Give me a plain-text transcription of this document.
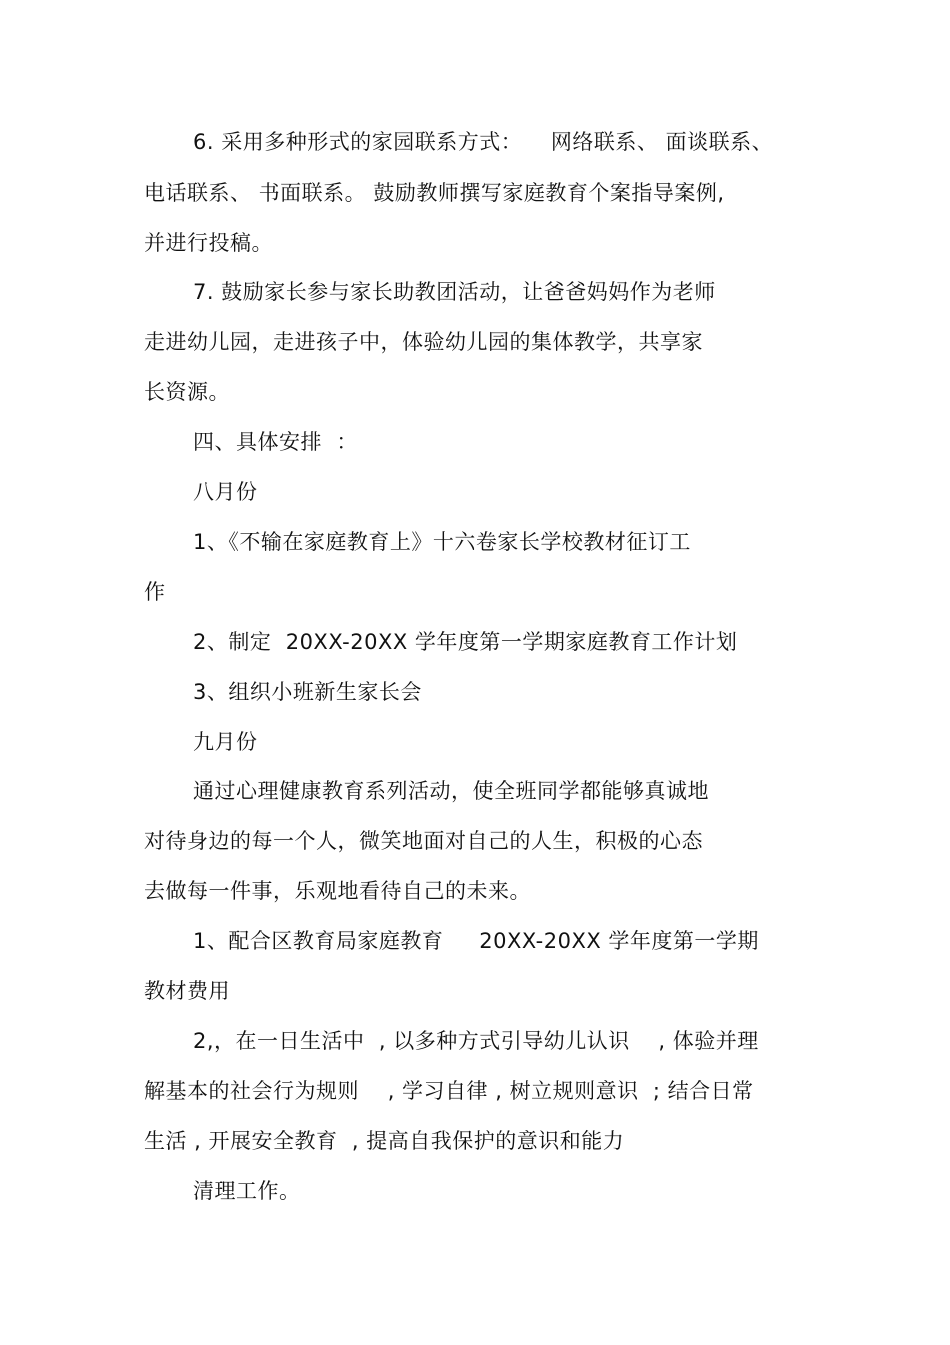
6. 采用多种形式的家园联系方式：    网络联系、 面谈联系、
电话联系、 书面联系。 鼓励教师撰写家庭教育个案指导案例,
并进行投稿。
7. 鼓励家长参与家长助教团活动，让爸爸妈妈作为老师
走进幼儿园，走进孩子中，体验幼儿园的集体教学，共享家
长资源。
四、具体安排  ：
八月份
1、《不输在家庭教育上》十六卷家长学校教材征订工
作
2、制定  20XX-20XX 学年度第一学期家庭教育工作计划
3、组织小班新生家长会
九月份
通过心理健康教育系列活动，使全班同学都能够真诚地
对待身边的每一个人，微笑地面对自己的人生，积极的心态
去做每一件事，乐观地看待自己的未来。
1、配合区教育局家庭教育     20XX-20XX 学年度第一学期
教材费用
2,，在一日生活中  , 以多种方式引导幼儿认识    , 体验并理
解基本的社会行为规则    , 学习自律 , 树立规则意识  ; 结合日常
生活 , 开展安全教育  , 提高自我保护的意识和能力
清理工作。
